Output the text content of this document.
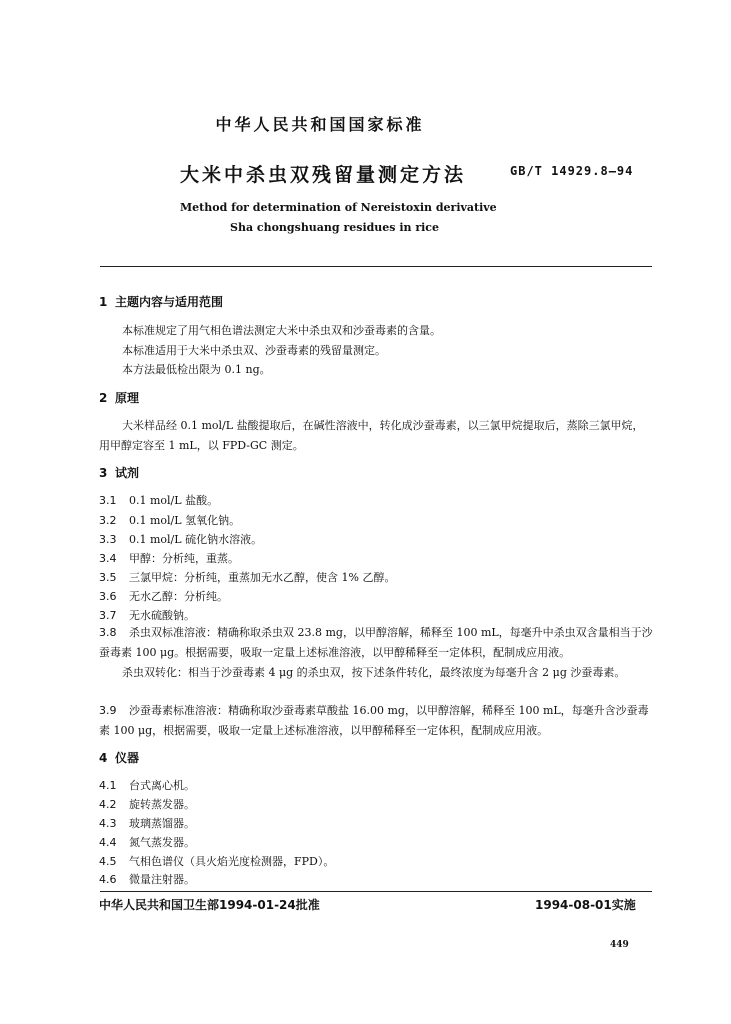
中华人民共和国国家标准
大米中杀虫双残留量测定方法	GB/T 14929.8—94
Method for determination of Nereistoxin derivative
Sha chongshuang residues in rice
1 主题内容与适用范围
本标准规定了用气相色谱法测定大米中杀虫双和沙蚕毒素的含量。
本标准适用于大米中杀虫双、沙蚕毒素的残留量测定。
本方法最低检出限为 0.1 ng。
2 原理
大米样品经 0.1 mol/L 盐酸提取后，在碱性溶液中，转化成沙蚕毒素，以三氯甲烷提取后，蒸除三氯甲烷，用甲醇定容至 1 mL，以 FPD-GC 测定。
3 试剂
3.1 0.1 mol/L 盐酸。
3.2 0.1 mol/L 氢氧化钠。
3.3 0.1 mol/L 硫化钠水溶液。
3.4 甲醇：分析纯，重蒸。
3.5 三氯甲烷：分析纯，重蒸加无水乙醇，使含 1% 乙醇。
3.6 无水乙醇：分析纯。
3.7 无水硫酸钠。
3.8 杀虫双标准溶液：精确称取杀虫双 23.8 mg，以甲醇溶解，稀释至 100 mL，每毫升中杀虫双含量相当于沙蚕毒素 100 μg。根据需要，吸取一定量上述标准溶液，以甲醇稀释至一定体积，配制成应用液。
杀虫双转化：相当于沙蚕毒素 4 μg 的杀虫双，按下述条件转化，最终浓度为每毫升含 2 μg 沙蚕毒素。
3.9 沙蚕毒素标准溶液：精确称取沙蚕毒素草酸盐 16.00 mg，以甲醇溶解，稀释至 100 mL，每毫升含沙蚕毒素 100 μg，根据需要，吸取一定量上述标准溶液，以甲醇稀释至一定体积，配制成应用液。
4 仪器
4.1 台式离心机。
4.2 旋转蒸发器。
4.3 玻璃蒸馏器。
4.4 氮气蒸发器。
4.5 气相色谱仪（具火焰光度检测器，FPD）。
4.6 微量注射器。
中华人民共和国卫生部1994-01-24批准	1994-08-01实施
449
